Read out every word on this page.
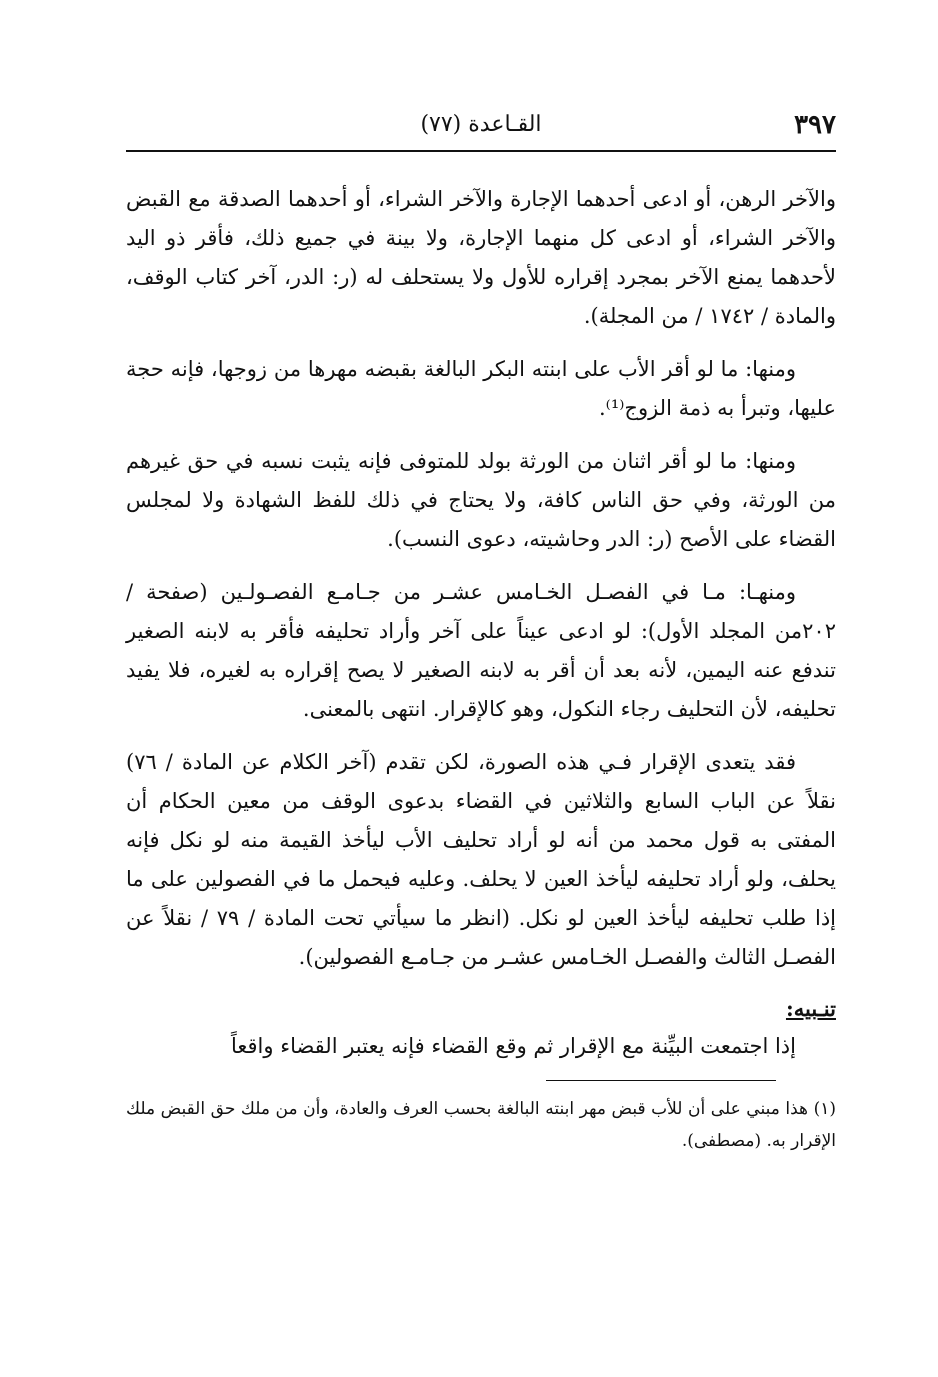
٣٩٧
القـاعدة (٧٧)

والآخر الرهن، أو ادعى أحدهما الإجارة والآخر الشراء، أو أحدهما الصدقة مع القبض والآخر الشراء، أو ادعى كل منهما الإجارة، ولا بينة في جميع ذلك، فأقر ذو اليد لأحدهما يمنع الآخر بمجرد إقراره للأول ولا يستحلف له (ر: الدر، آخر كتاب الوقف، والمادة / ١٧٤٢ / من المجلة).

ومنها: ما لو أقر الأب على ابنته البكر البالغة بقبضه مهرها من زوجها، فإنه حجة عليها، وتبرأ به ذمة الزوج⁽¹⁾.

ومنها: ما لو أقر اثنان من الورثة بولد للمتوفى فإنه يثبت نسبه في حق غيرهم من الورثة، وفي حق الناس كافة، ولا يحتاج في ذلك للفظ الشهادة ولا لمجلس القضاء على الأصح (ر: الدر وحاشيته، دعوى النسب).

ومنهـا: مـا في الفصـل الخـامس عشـر من جـامـع الفصـولـين (صفحة / ٢٠٢من المجلد الأول): لو ادعى عيناً على آخر وأراد تحليفه فأقر به لابنه الصغير تندفع عنه اليمين، لأنه بعد أن أقر به لابنه الصغير لا يصح إقراره به لغيره، فلا يفيد تحليفه، لأن التحليف رجاء النكول، وهو كالإقرار. انتهى بالمعنى.

فقد يتعدى الإقرار فـي هذه الصورة، لكن تقدم (آخر الكلام عن المادة / ٧٦) نقلاً عن الباب السابع والثلاثين في القضاء بدعوى الوقف من معين الحكام أن المفتى به قول محمد من أنه لو أراد تحليف الأب ليأخذ القيمة منه لو نكل فإنه يحلف، ولو أراد تحليفه ليأخذ العين لا يحلف. وعليه فيحمل ما في الفصولين على ما إذا طلب تحليفه ليأخذ العين لو نكل. (انظر ما سيأتي تحت المادة / ٧٩ / نقلاً عن الفصـل الثالث والفصـل الخـامس عشـر من جـامـع الفصولين).

تنـبيه:
إذا اجتمعت البيِّنة مع الإقرار ثم وقع القضاء فإنه يعتبر القضاء واقعاً
(١) هذا مبني على أن للأب قبض مهر ابنته البالغة بحسب العرف والعادة، وأن من ملك حق القبض ملك الإقرار به. (مصطفى).
